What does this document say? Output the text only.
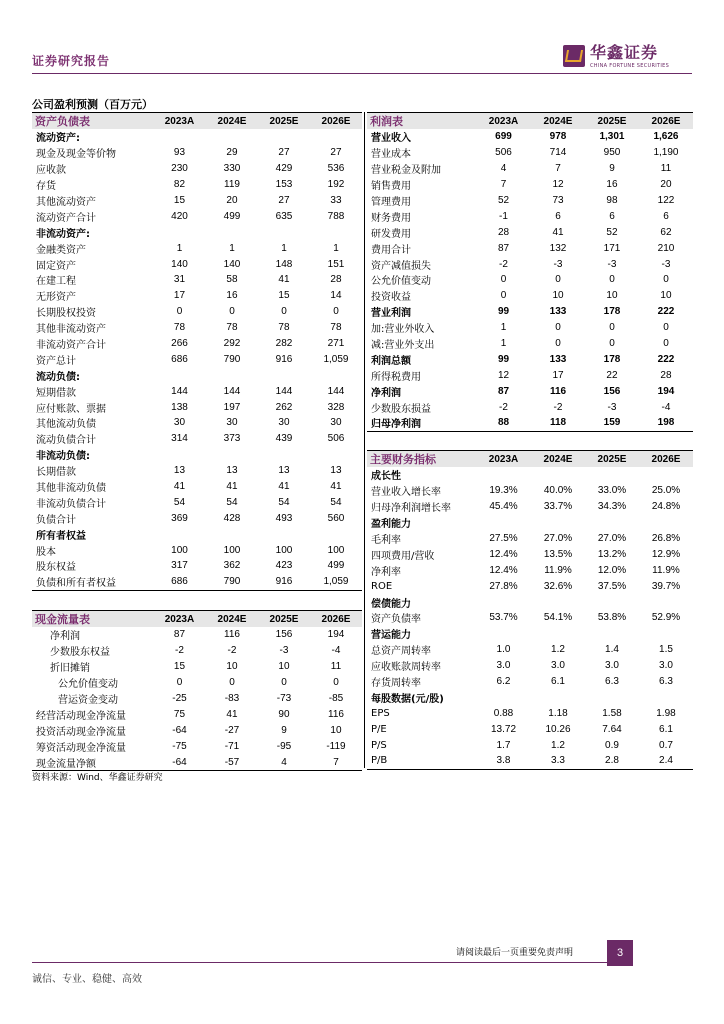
证券研究报告	华鑫证券
CHINA FORTUNE SECURITIES
公司盈利预测（百万元）
资产负债表	2023A	2024E	2025E	2026E
流动资产:				
现金及现金等价物	93	29	27	27
应收款	230	330	429	536
存货	82	119	153	192
其他流动资产	15	20	27	33
流动资产合计	420	499	635	788
非流动资产:				
金融类资产	1	1	1	1
固定资产	140	140	148	151
在建工程	31	58	41	28
无形资产	17	16	15	14
长期股权投资	0	0	0	0
其他非流动资产	78	78	78	78
非流动资产合计	266	292	282	271
资产总计	686	790	916	1,059
流动负债:				
短期借款	144	144	144	144
应付账款、票据	138	197	262	328
其他流动负债	30	30	30	30
流动负债合计	314	373	439	506
非流动负债:				
长期借款	13	13	13	13
其他非流动负债	41	41	41	41
非流动负债合计	54	54	54	54
负债合计	369	428	493	560
所有者权益				
股本	100	100	100	100
股东权益	317	362	423	499
负债和所有者权益	686	790	916	1,059
现金流量表	2023A	2024E	2025E	2026E
净利润	87	116	156	194
少数股东权益	-2	-2	-3	-4
折旧摊销	15	10	10	11
公允价值变动	0	0	0	0
营运资金变动	-25	-83	-73	-85
经营活动现金净流量	75	41	90	116
投资活动现金净流量	-64	-27	9	10
筹资活动现金净流量	-75	-71	-95	-119
现金流量净额	-64	-57	4	7
利润表	2023A	2024E	2025E	2026E
营业收入	699	978	1,301	1,626
营业成本	506	714	950	1,190
营业税金及附加	4	7	9	11
销售费用	7	12	16	20
管理费用	52	73	98	122
财务费用	-1	6	6	6
研发费用	28	41	52	62
费用合计	87	132	171	210
资产减值损失	-2	-3	-3	-3
公允价值变动	0	0	0	0
投资收益	0	10	10	10
营业利润	99	133	178	222
加:营业外收入	1	0	0	0
减:营业外支出	1	0	0	0
利润总额	99	133	178	222
所得税费用	12	17	22	28
净利润	87	116	156	194
少数股东损益	-2	-2	-3	-4
归母净利润	88	118	159	198
主要财务指标	2023A	2024E	2025E	2026E
成长性				
营业收入增长率	19.3%	40.0%	33.0%	25.0%
归母净利润增长率	45.4%	33.7%	34.3%	24.8%
盈利能力				
毛利率	27.5%	27.0%	27.0%	26.8%
四项费用/营收	12.4%	13.5%	13.2%	12.9%
净利率	12.4%	11.9%	12.0%	11.9%
ROE	27.8%	32.6%	37.5%	39.7%
偿债能力				
资产负债率	53.7%	54.1%	53.8%	52.9%
营运能力				
总资产周转率	1.0	1.2	1.4	1.5
应收账款周转率	3.0	3.0	3.0	3.0
存货周转率	6.2	6.1	6.3	6.3
每股数据(元/股)				
EPS	0.88	1.18	1.58	1.98
P/E	13.72	10.26	7.64	6.1
P/S	1.7	1.2	0.9	0.7
P/B	3.8	3.3	2.8	2.4
资料来源：Wind、华鑫证券研究
请阅读最后一页重要免责声明	3
诚信、专业、稳健、高效
